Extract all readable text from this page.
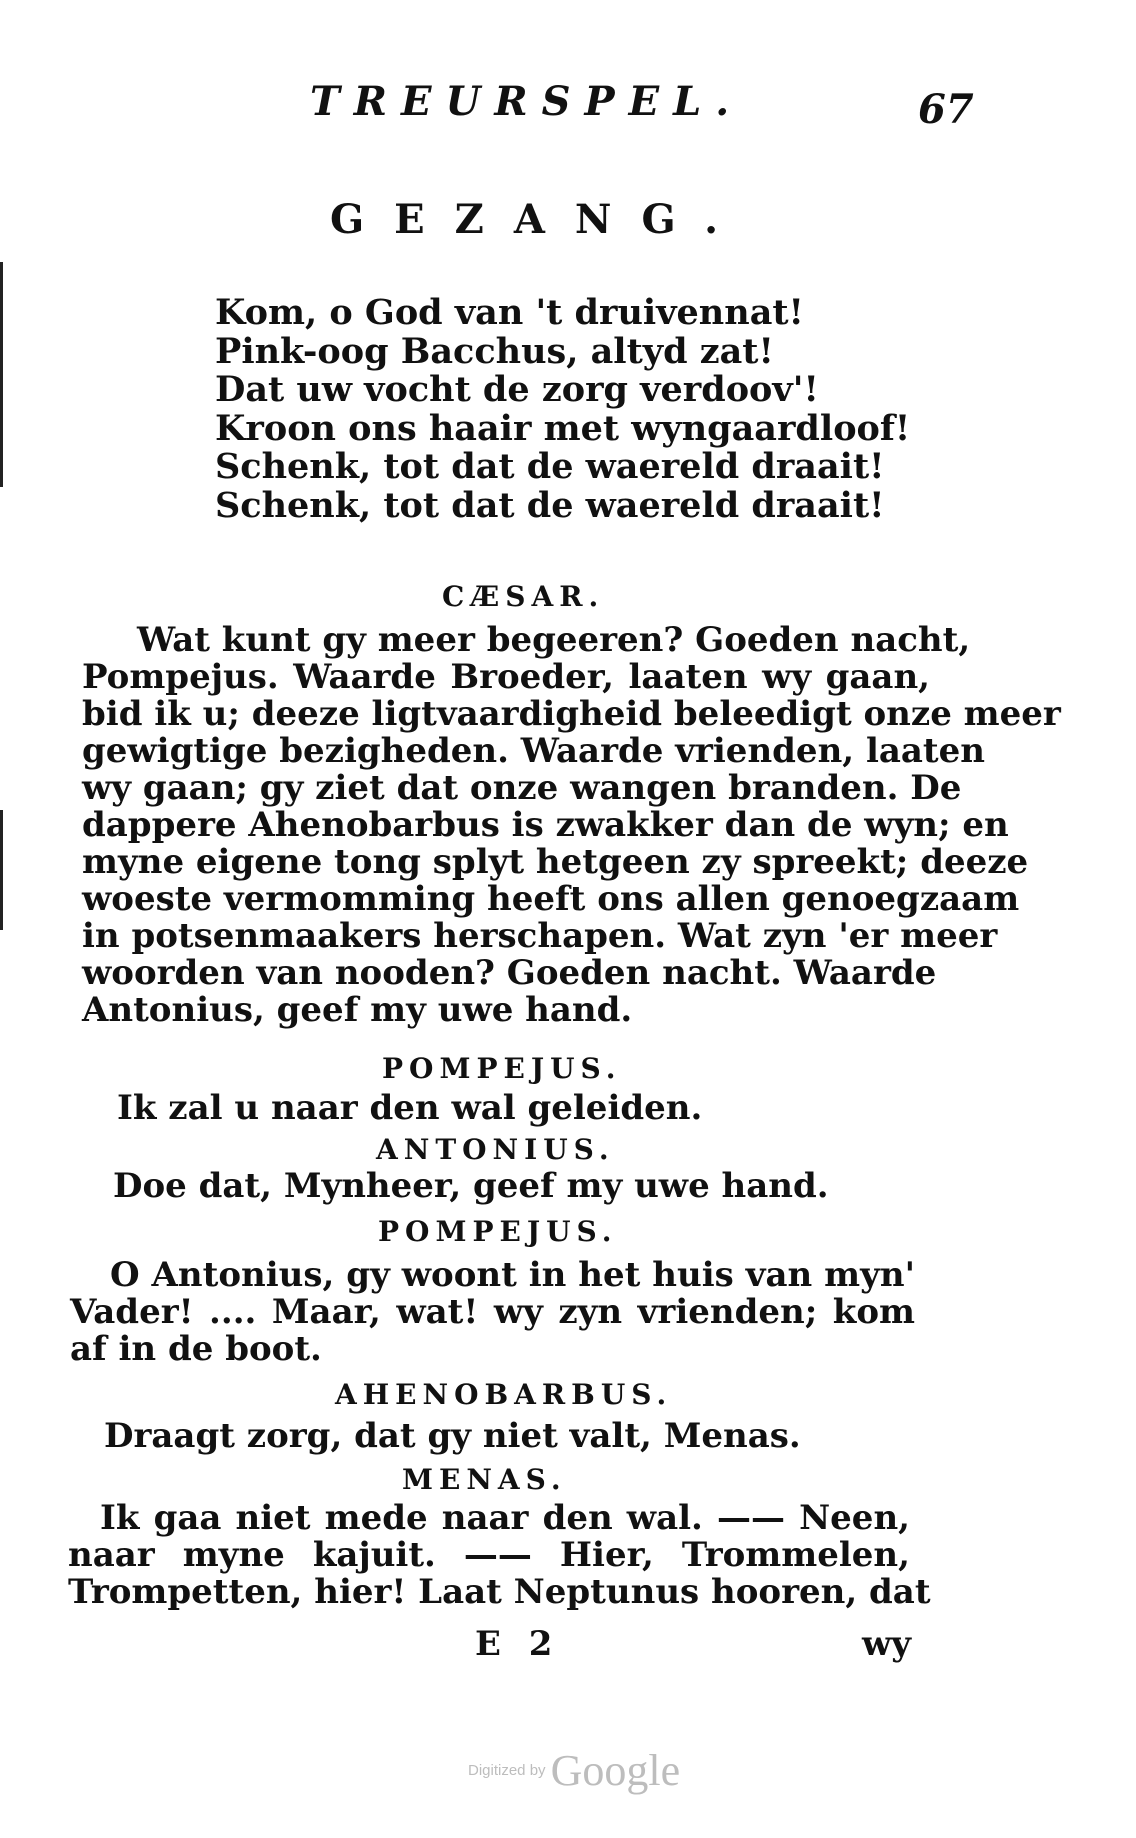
TREURSPEL.	67
GEZANG.
Kom, o God van 't druivennat!
Pink-oog Bacchus, altyd zat!
Dat uw vocht de zorg verdoov'!
Kroon ons haair met wyngaardloof!
Schenk, tot dat de waereld draait!
Schenk, tot dat de waereld draait!
CÆSAR.
Wat kunt gy meer begeeren? Goeden nacht,
Pompejus. Waarde Broeder, laaten wy gaan,
bid ik u; deeze ligtvaardigheid beleedigt onze meer
gewigtige bezigheden. Waarde vrienden, laaten
wy gaan; gy ziet dat onze wangen branden. De
dappere Ahenobarbus is zwakker dan de wyn; en
myne eigene tong splyt hetgeen zy spreekt; deeze
woeste vermomming heeft ons allen genoegzaam
in potsenmaakers herschapen. Wat zyn 'er meer
woorden van nooden? Goeden nacht. Waarde
Antonius, geef my uwe hand.
POMPEJUS.
Ik zal u naar den wal geleiden.
ANTONIUS.
Doe dat, Mynheer, geef my uwe hand.
POMPEJUS.
O Antonius, gy woont in het huis van myn'
Vader! .... Maar, wat! wy zyn vrienden; kom
af in de boot.
AHENOBARBUS.
Draagt zorg, dat gy niet valt, Menas.
MENAS.
Ik gaa niet mede naar den wal. —— Neen,
naar myne kajuit. —— Hier, Trommelen,
Trompetten, hier! Laat Neptunus hooren, dat
E 2	wy
Digitized by Google
